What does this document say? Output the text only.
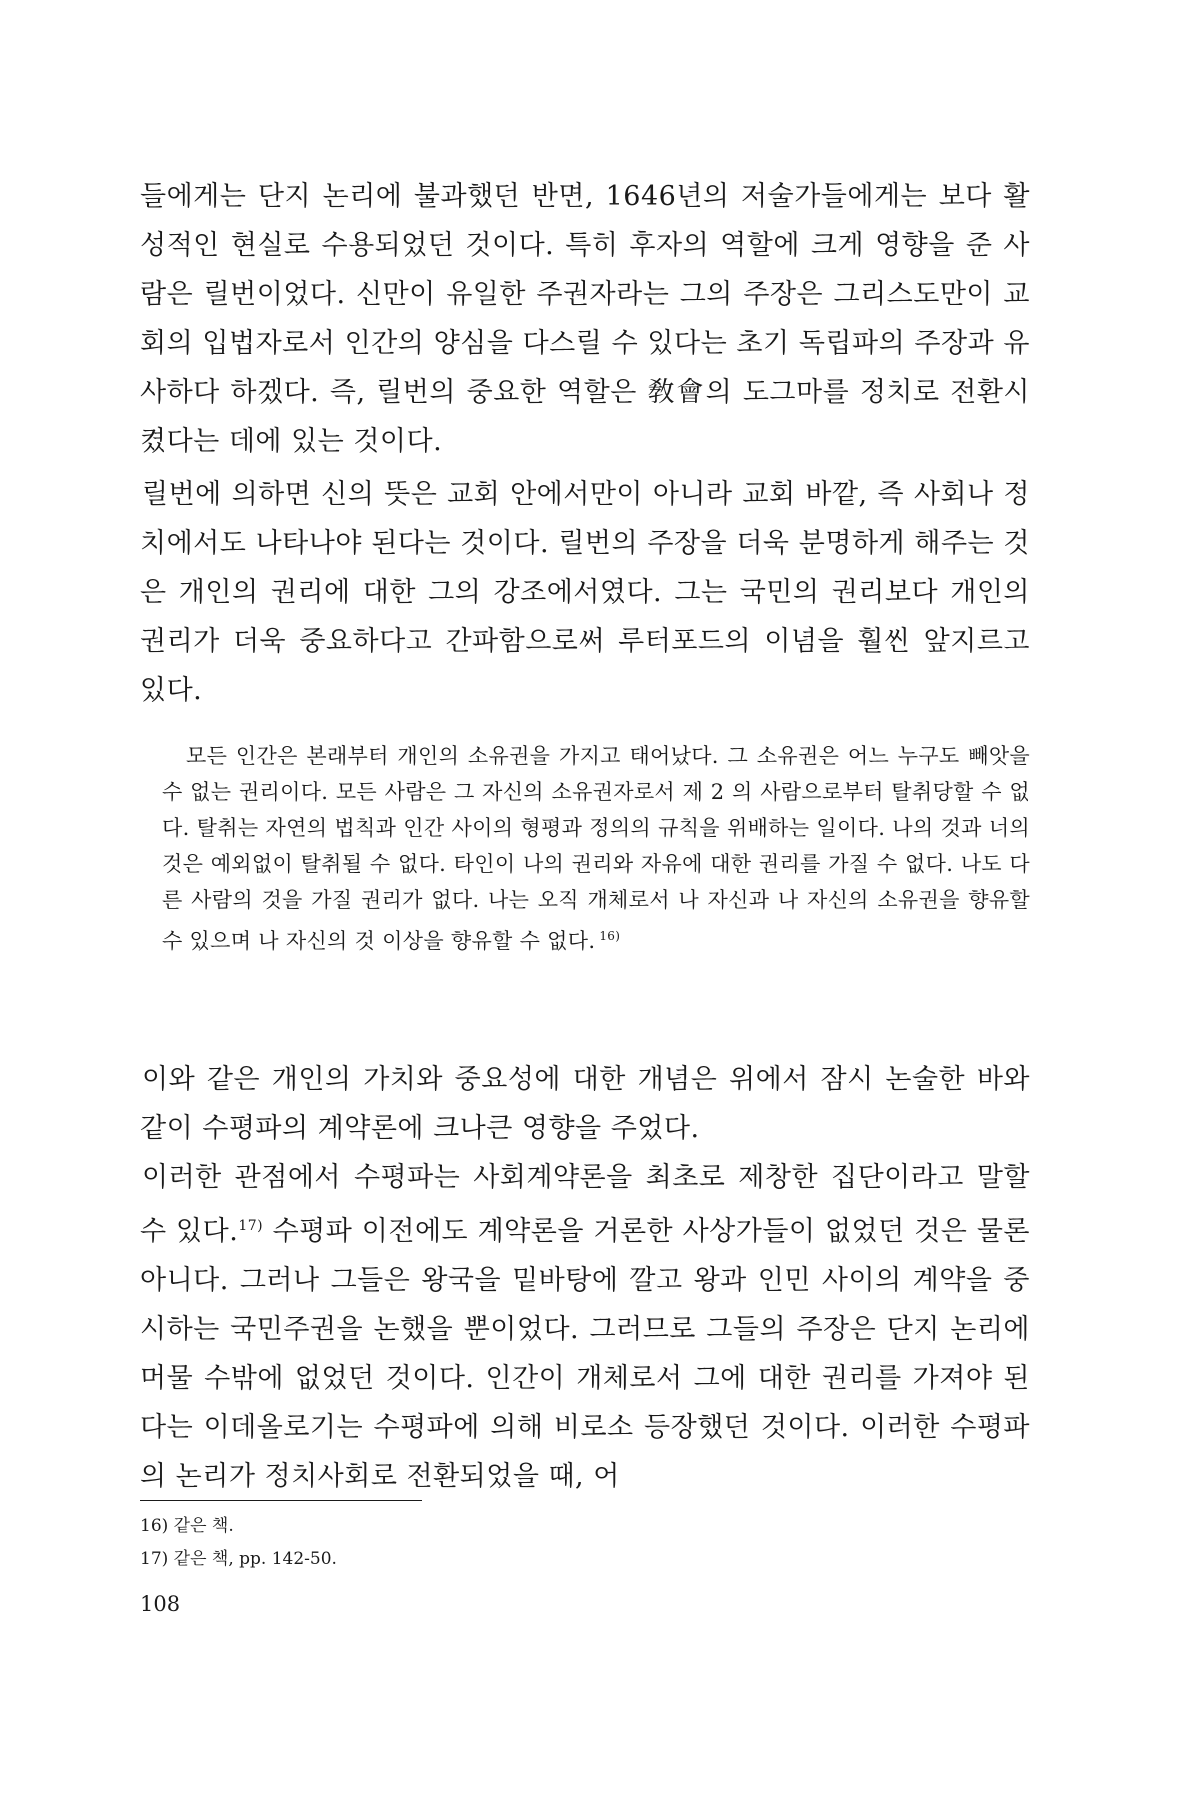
들에게는 단지 논리에 불과했던 반면, 1646년의 저술가들에게는 보다 활성적인 현실로 수용되었던 것이다. 특히 후자의 역할에 크게 영향을 준 사람은 릴번이었다. 신만이 유일한 주권자라는 그의 주장은 그리스도만이 교회의 입법자로서 인간의 양심을 다스릴 수 있다는 초기 독립파의 주장과 유사하다 하겠다. 즉, 릴번의 중요한 역할은 敎會의 도그마를 정치로 전환시켰다는 데에 있는 것이다.

릴번에 의하면 신의 뜻은 교회 안에서만이 아니라 교회 바깥, 즉 사회나 정치에서도 나타나야 된다는 것이다. 릴번의 주장을 더욱 분명하게 해주는 것은 개인의 권리에 대한 그의 강조에서였다. 그는 국민의 권리보다 개인의 권리가 더욱 중요하다고 간파함으로써 루터포드의 이념을 훨씬 앞지르고 있다.

모든 인간은 본래부터 개인의 소유권을 가지고 태어났다. 그 소유권은 어느 누구도 빼앗을 수 없는 권리이다. 모든 사람은 그 자신의 소유권자로서 제 2 의 사람으로부터 탈취당할 수 없다. 탈취는 자연의 법칙과 인간 사이의 형평과 정의의 규칙을 위배하는 일이다. 나의 것과 너의 것은 예외없이 탈취될 수 없다. 타인이 나의 권리와 자유에 대한 권리를 가질 수 없다. 나도 다른 사람의 것을 가질 권리가 없다. 나는 오직 개체로서 나 자신과 나 자신의 소유권을 향유할 수 있으며 나 자신의 것 이상을 향유할 수 없다. $^{16)}$

이와 같은 개인의 가치와 중요성에 대한 개념은 위에서 잠시 논술한 바와 같이 수평파의 계약론에 크나큰 영향을 주었다.

이러한 관점에서 수평파는 사회계약론을 최초로 제창한 집단이라고 말할 수 있다.$^{17)}$ 수평파 이전에도 계약론을 거론한 사상가들이 없었던 것은 물론 아니다. 그러나 그들은 왕국을 밑바탕에 깔고 왕과 인민 사이의 계약을 중시하는 국민주권을 논했을 뿐이었다. 그러므로 그들의 주장은 단지 논리에 머물 수밖에 없었던 것이다. 인간이 개체로서 그에 대한 권리를 가져야 된다는 이데올로기는 수평파에 의해 비로소 등장했던 것이다. 이러한 수평파의 논리가 정치사회로 전환되었을 때, 어

16) 같은 책.
17) 같은 책, pp. 142-50.
108
